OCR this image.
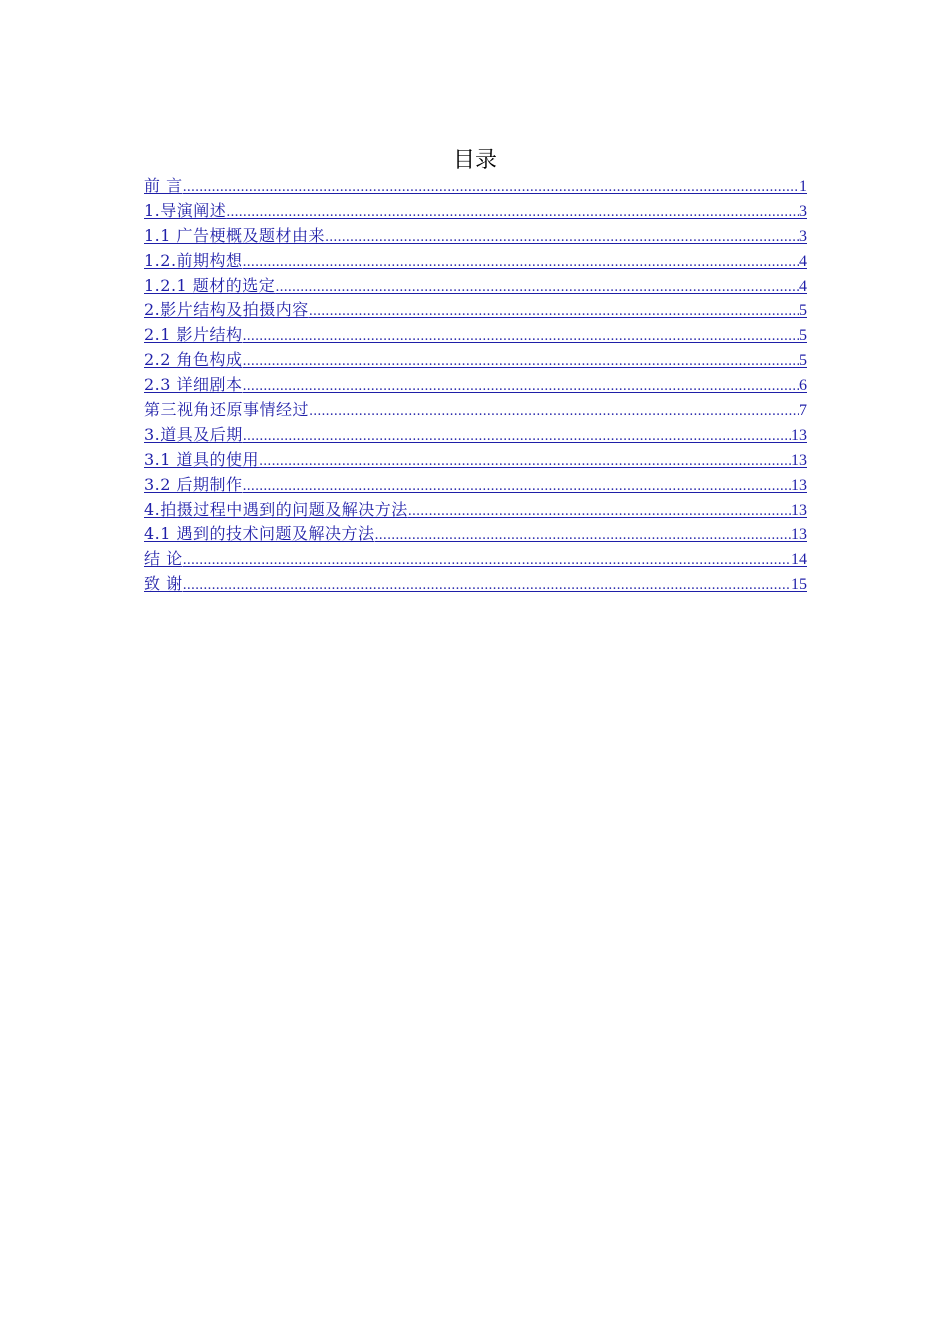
目录
前 言 .....	1
1.导演阐述 .....	3
1.1 广告梗概及题材由来 .....	3
1.2.前期构想 .....	4
1.2.1 题材的选定 .....	4
2.影片结构及拍摄内容 .....	5
2.1 影片结构 .....	5
2.2 角色构成 .....	5
2.3 详细剧本 .....	6
第三视角还原事情经过 .....	7
3.道具及后期 .....	13
3.1 道具的使用 .....	13
3.2 后期制作 .....	13
4.拍摄过程中遇到的问题及解决方法 .....	13
4.1 遇到的技术问题及解决方法 .....	13
结 论 .....	14
致 谢 .....	15
